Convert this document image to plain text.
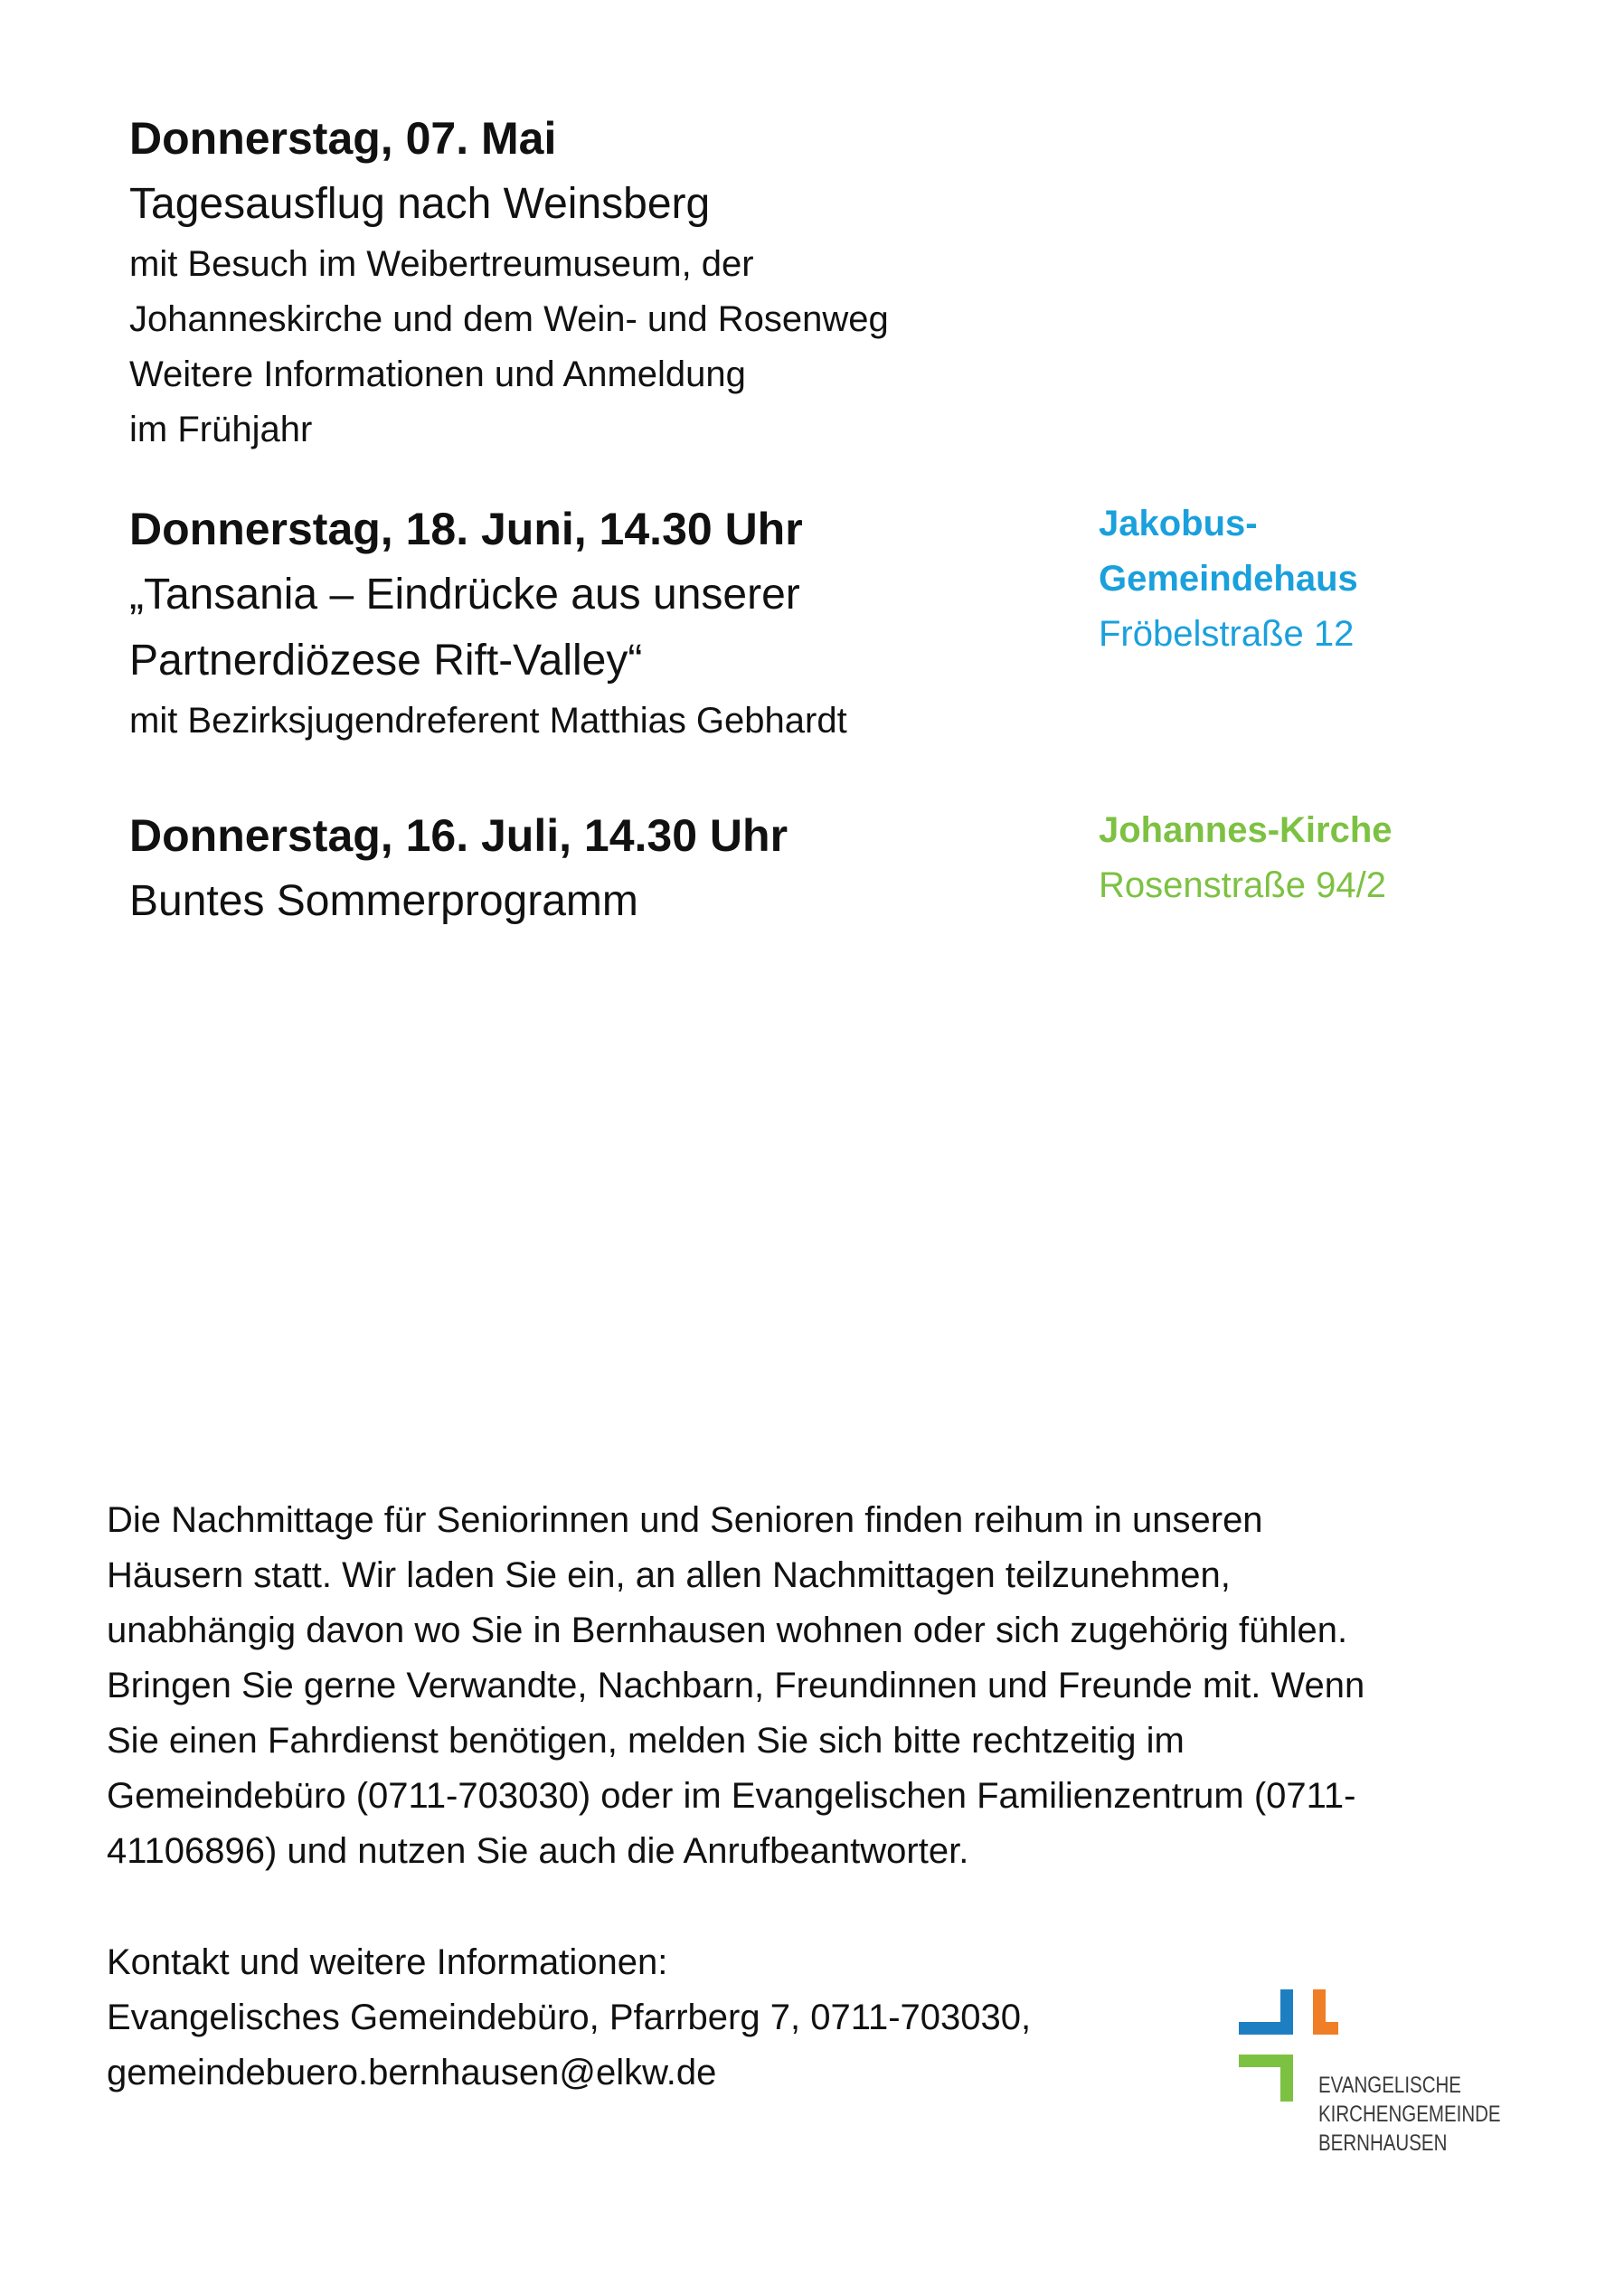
Donnerstag, 07. Mai

Tagesausflug nach Weinsberg

mit Besuch im Weibertreumuseum, der

Johanneskirche und dem Wein- und Rosenweg

Weitere Informationen und Anmeldung

im Frühjahr

Donnerstag, 18. Juni, 14.30 Uhr

„Tansania – Eindrücke aus unserer

Partnerdiözese Rift-Valley“

mit Bezirksjugendreferent Matthias Gebhardt

Jakobus-

Gemeindehaus

Fröbelstraße 12

Donnerstag, 16. Juli, 14.30 Uhr

Buntes Sommerprogramm

Johannes-Kirche

Rosenstraße 94/2

Die Nachmittage für Seniorinnen und Senioren finden reihum in unseren

Häusern statt. Wir laden Sie ein, an allen Nachmittagen teilzunehmen,

unabhängig davon wo Sie in Bernhausen wohnen oder sich zugehörig fühlen.

Bringen Sie gerne Verwandte, Nachbarn, Freundinnen und Freunde mit. Wenn

Sie einen Fahrdienst benötigen, melden Sie sich bitte rechtzeitig im

Gemeindebüro (0711-703030) oder im Evangelischen Familienzentrum (0711-

41106896) und nutzen Sie auch die Anrufbeantworter.

Kontakt und weitere Informationen:

Evangelisches Gemeindebüro, Pfarrberg 7, 0711-703030,

gemeindebuero.bernhausen@elkw.de	EVANGELISCHE
KIRCHENGEMEINDE
BERNHAUSEN
